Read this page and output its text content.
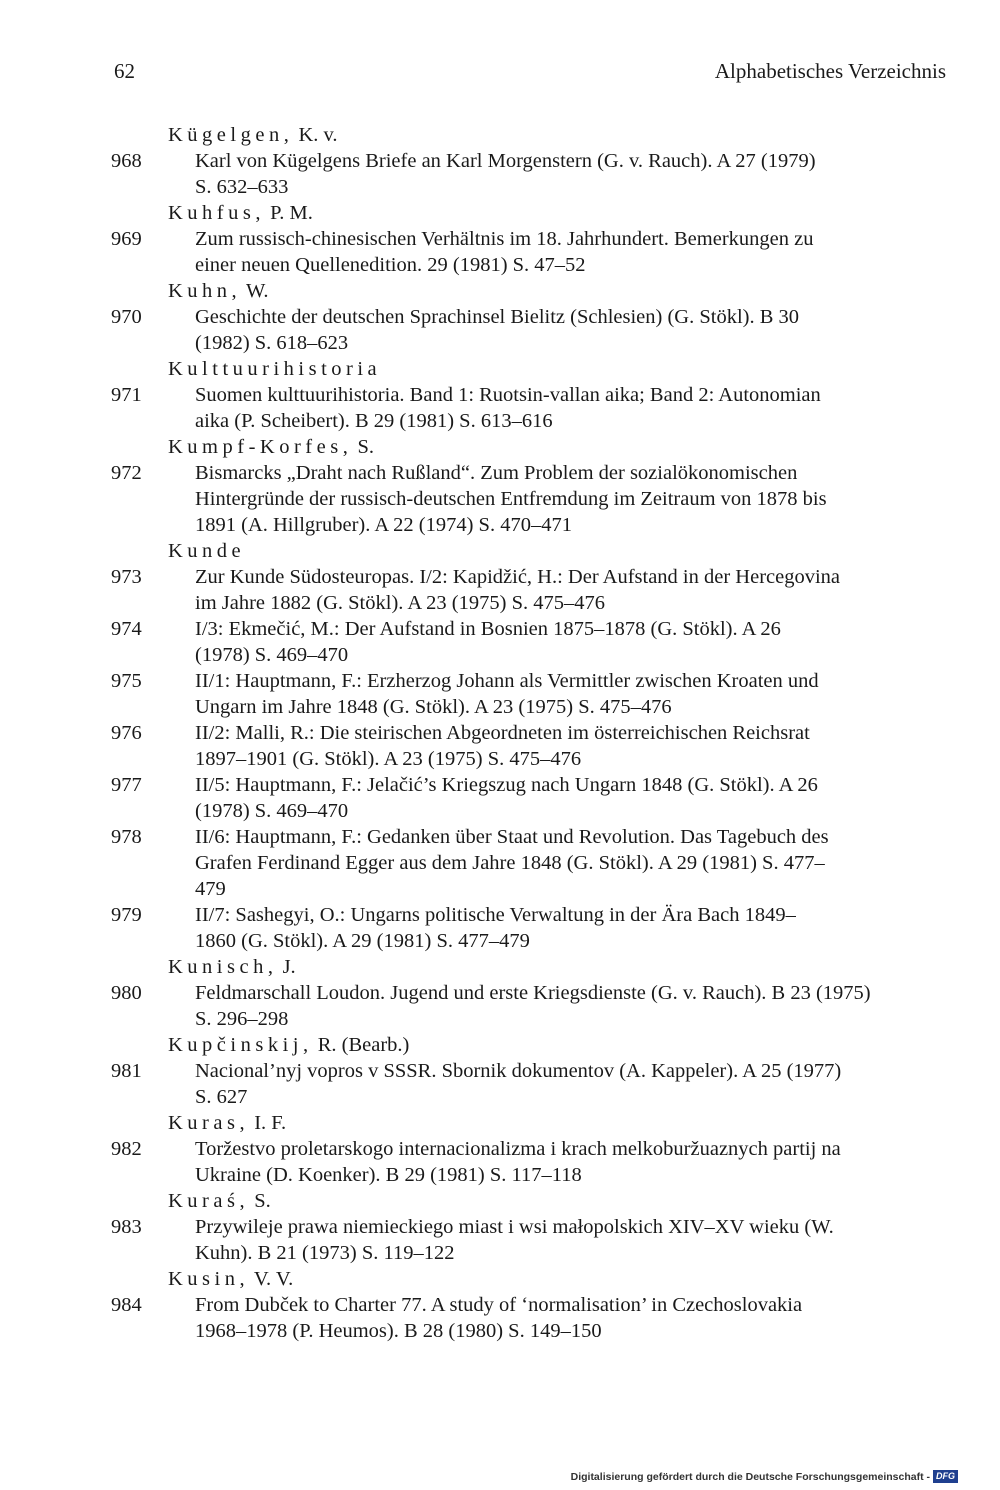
62	Alphabetisches Verzeichnis
Kügelgen, K. v.
968	Karl von Kügelgens Briefe an Karl Morgenstern (G. v. Rauch). A 27 (1979)
S. 632–633
Kuhfus, P. M.
969	Zum russisch-chinesischen Verhältnis im 18. Jahrhundert. Bemerkungen zu
einer neuen Quellenedition. 29 (1981) S. 47–52
Kuhn, W.
970	Geschichte der deutschen Sprachinsel Bielitz (Schlesien) (G. Stökl). B 30
(1982) S. 618–623
Kulttuurihistoria
971	Suomen kulttuurihistoria. Band 1: Ruotsin-vallan aika; Band 2: Autonomian
aika (P. Scheibert). B 29 (1981) S. 613–616
Kumpf-Korfes, S.
972	Bismarcks „Draht nach Rußland“. Zum Problem der sozialökonomischen
Hintergründe der russisch-deutschen Entfremdung im Zeitraum von 1878 bis
1891 (A. Hillgruber). A 22 (1974) S. 470–471
Kunde
973	Zur Kunde Südosteuropas. I/2: Kapidžić, H.: Der Aufstand in der Hercegovina
im Jahre 1882 (G. Stökl). A 23 (1975) S. 475–476
974	I/3: Ekmečić, M.: Der Aufstand in Bosnien 1875–1878 (G. Stökl). A 26
(1978) S. 469–470
975	II/1: Hauptmann, F.: Erzherzog Johann als Vermittler zwischen Kroaten und
Ungarn im Jahre 1848 (G. Stökl). A 23 (1975) S. 475–476
976	II/2: Malli, R.: Die steirischen Abgeordneten im österreichischen Reichsrat
1897–1901 (G. Stökl). A 23 (1975) S. 475–476
977	II/5: Hauptmann, F.: Jelačić’s Kriegszug nach Ungarn 1848 (G. Stökl). A 26
(1978) S. 469–470
978	II/6: Hauptmann, F.: Gedanken über Staat und Revolution. Das Tagebuch des
Grafen Ferdinand Egger aus dem Jahre 1848 (G. Stökl). A 29 (1981) S. 477–
479
979	II/7: Sashegyi, O.: Ungarns politische Verwaltung in der Ära Bach 1849–
1860 (G. Stökl). A 29 (1981) S. 477–479
Kunisch, J.
980	Feldmarschall Loudon. Jugend und erste Kriegsdienste (G. v. Rauch). B 23 (1975)
S. 296–298
Kupčinskij, R. (Bearb.)
981	Nacional’nyj vopros v SSSR. Sbornik dokumentov (A. Kappeler). A 25 (1977)
S. 627
Kuras, I. F.
982	Toržestvo proletarskogo internacionalizma i krach melkoburžuaznych partij na
Ukraine (D. Koenker). B 29 (1981) S. 117–118
Kuraś, S.
983	Przywileje prawa niemieckiego miast i wsi małopolskich XIV–XV wieku (W.
Kuhn). B 21 (1973) S. 119–122
Kusin, V. V.
984	From Dubček to Charter 77. A study of ‘normalisation’ in Czechoslovakia
1968–1978 (P. Heumos). B 28 (1980) S. 149–150
Digitalisierung gefördert durch die Deutsche Forschungsgemeinschaft - DFG
